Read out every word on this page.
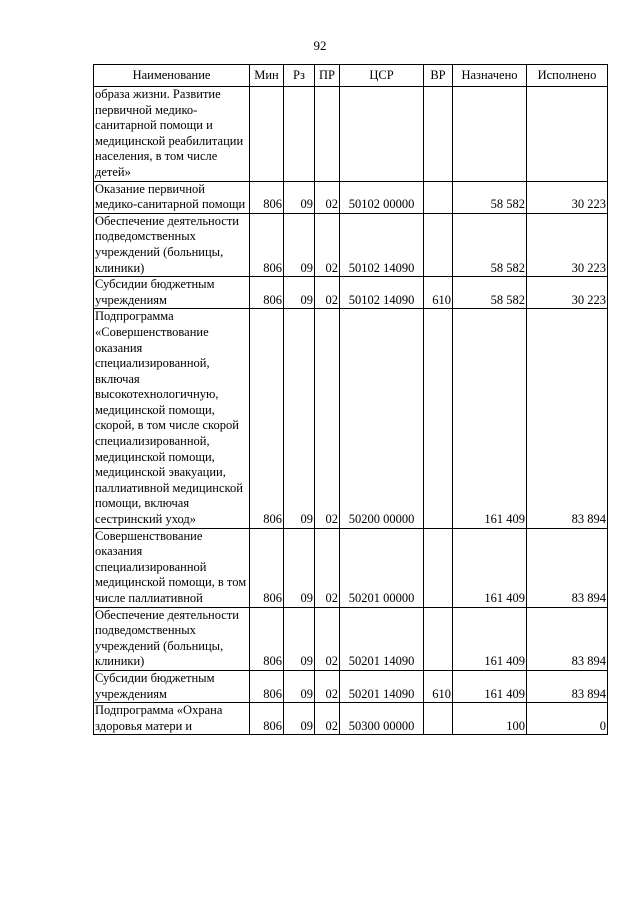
92
Наименование	Мин	Рз	ПР	ЦСР	ВР	Назначено	Исполнено
образа жизни. Развитие первичной медико-санитарной помощи и медицинской реабилитации населения, в том числе детей»							
Оказание первичной медико-санитарной помощи	806	09	02	50102 00000		58 582	30 223
Обеспечение деятельности подведомственных учреждений (больницы, клиники)	806	09	02	50102 14090		58 582	30 223
Субсидии бюджетным учреждениям	806	09	02	50102 14090	610	58 582	30 223
Подпрограмма «Совершенствование оказания специализированной, включая высокотехнологичную, медицинской помощи, скорой, в том числе скорой специализированной, медицинской помощи, медицинской эвакуации, паллиативной медицинской помощи, включая сестринский уход»	806	09	02	50200 00000		161 409	83 894
Совершенствование оказания специализированной медицинской помощи, в том числе паллиативной	806	09	02	50201 00000		161 409	83 894
Обеспечение деятельности подведомственных учреждений (больницы, клиники)	806	09	02	50201 14090		161 409	83 894
Субсидии бюджетным учреждениям	806	09	02	50201 14090	610	161 409	83 894
Подпрограмма «Охрана здоровья матери и	806	09	02	50300 00000		100	0
